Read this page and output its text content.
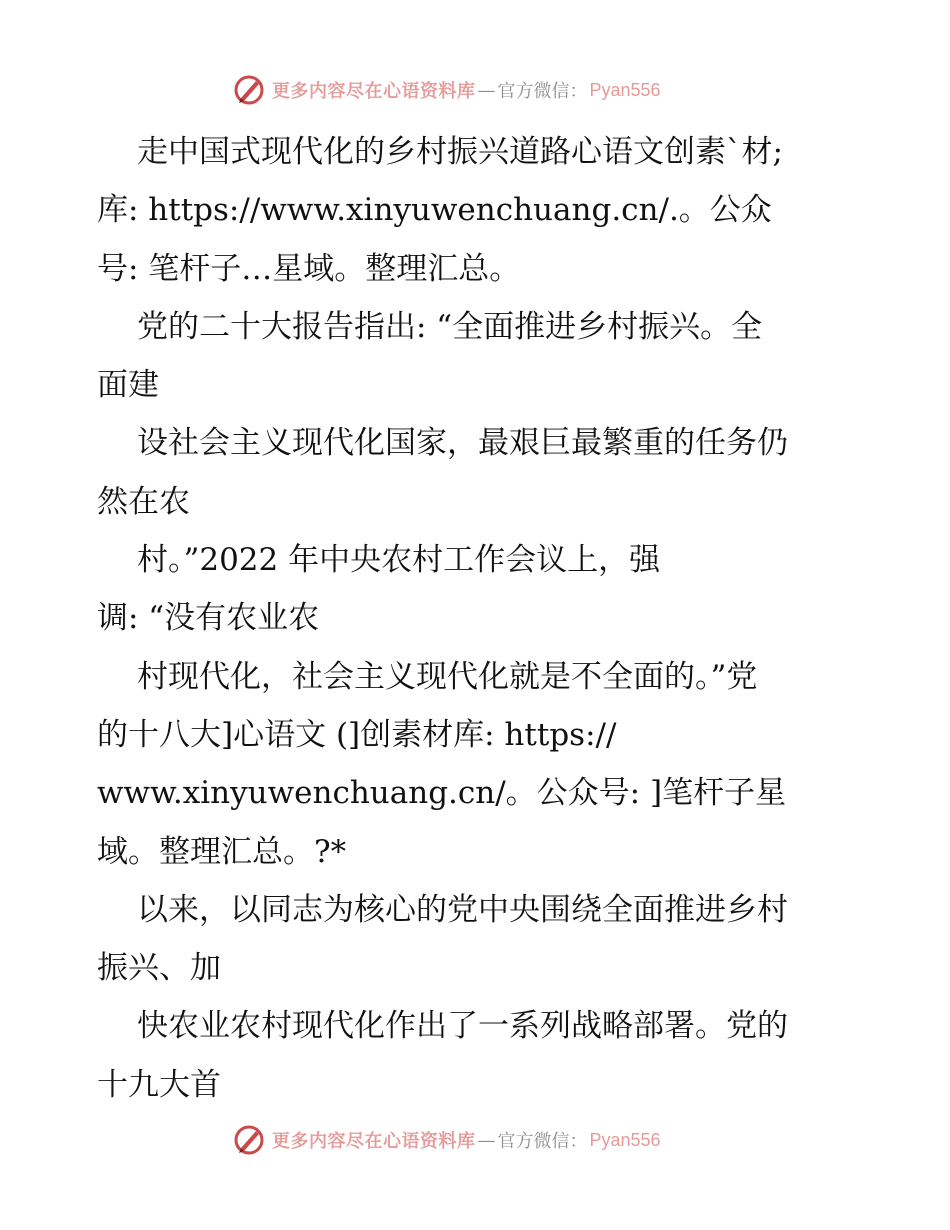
更多内容尽在心语资料库 — 官方微信： Pyan556
走中国式现代化的乡村振兴道路心语文创素`材;
库: https://www.xinyuwenchuang.cn/.。公众
号: 笔杆子…星域。整理汇总。
党的二十大报告指出: “全面推进乡村振兴。全
面建
设社会主义现代化国家，最艰巨最繁重的任务仍
然在农
村。”2022 年中央农村工作会议上，强
调: “没有农业农
村现代化，社会主义现代化就是不全面的。”党
的十八大]心语文 (]创素材库: https://
www.xinyuwenchuang.cn/。公众号: ]笔杆子星
域。整理汇总。?*
以来，以同志为核心的党中央围绕全面推进乡村
振兴、加
快农业农村现代化作出了一系列战略部署。党的
十九大首
更多内容尽在心语资料库 — 官方微信： Pyan556
